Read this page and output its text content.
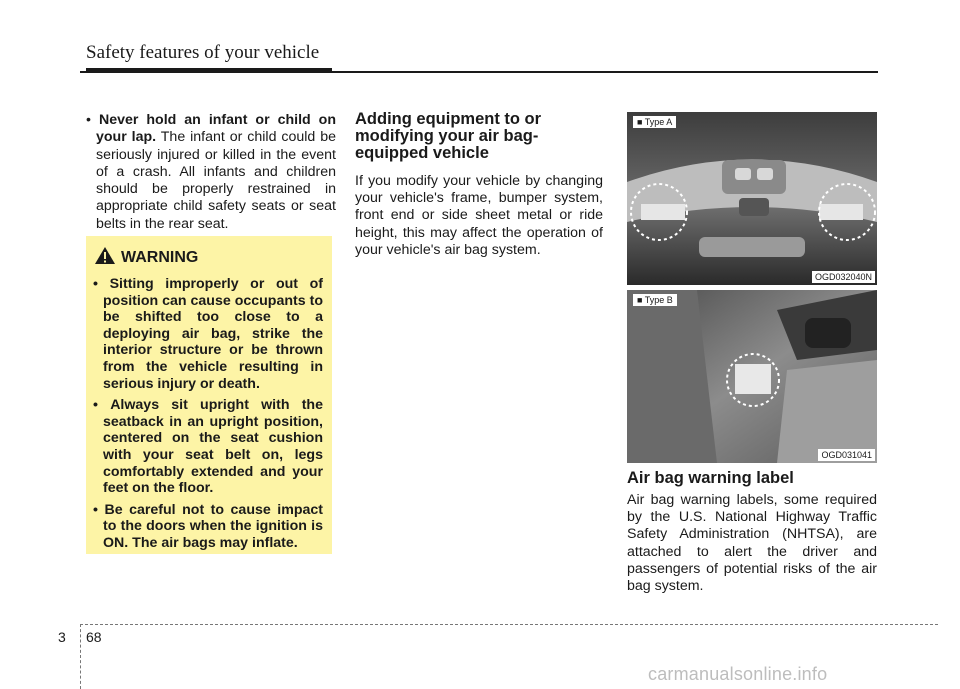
Safety features of your vehicle
• Never hold an infant or child on your lap. The infant or child could be seriously injured or killed in the event of a crash. All infants and children should be properly restrained in appropriate child safety seats or seat belts in the rear seat.
WARNING
• Sitting improperly or out of position can cause occupants to be shifted too close to a deploying air bag, strike the interior structure or be thrown from the vehicle resulting in serious injury or death.
• Always sit upright with the seatback in an upright position, centered on the seat cushion with your seat belt on, legs comfortably extended and your feet on the floor.
• Be careful not to cause impact to the doors when the ignition is ON. The air bags may inflate.
Adding equipment to or modifying your air bag-equipped vehicle

If you modify your vehicle by changing your vehicle's frame, bumper system, front end or side sheet metal or ride height, this may affect the operation of your vehicle's air bag system.

■ Type A
OGD032040N
■ Type B
OGD031041
Air bag warning label

Air bag warning labels, some required by the U.S. National Highway Traffic Safety Administration (NHTSA), are attached to alert the driver and passengers of potential risks of the air bag system.

3 68
carmanualsonline.info
